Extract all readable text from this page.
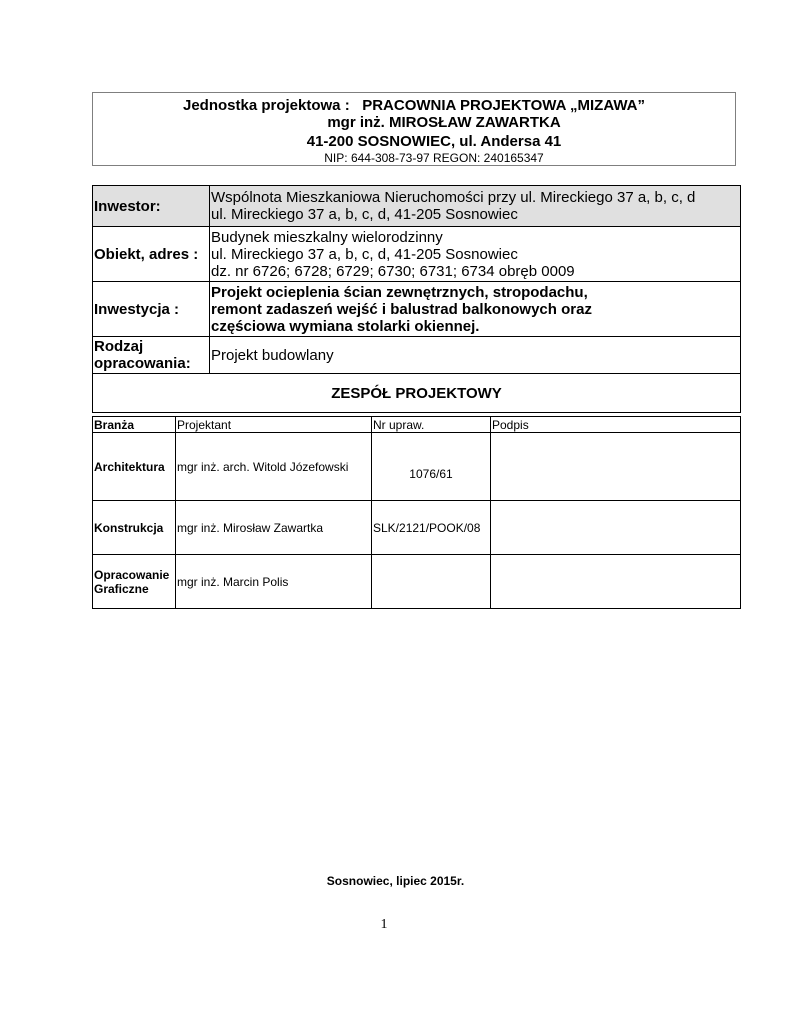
Jednostka projektowa : PRACOWNIA PROJEKTOWA „MIZAWA”
mgr inż. MIROSŁAW ZAWARTKA
41-200 SOSNOWIEC, ul. Andersa 41
NIP: 644-308-73-97 REGON: 240165347
Inwestor:	Wspólnota Mieszkaniowa Nieruchomości przy ul. Mireckiego 37 a, b, c, d
ul. Mireckiego 37 a, b, c, d, 41-205 Sosnowiec

Obiekt, adres :	Budynek mieszkalny wielorodzinny
ul. Mireckiego 37 a, b, c, d, 41-205 Sosnowiec
dz. nr 6726; 6728; 6729; 6730; 6731; 6734 obręb 0009

Inwestycja :	Projekt ocieplenia ścian zewnętrznych, stropodachu,
remont zadaszeń wejść i balustrad balkonowych oraz
częściowa wymiana stolarki okiennej.

Rodzaj
opracowania:	Projekt budowlany
ZESPÓŁ PROJEKTOWY	
Branża	Projektant	Nr upraw.	Podpis
Architektura	mgr inż. arch. Witold Józefowski	1076/61	
Konstrukcja	mgr inż. Mirosław Zawartka	SLK/2121/POOK/08	

Opracowanie
Graficzne	mgr inż. Marcin Polis		
Sosnowiec, lipiec 2015r.
1
